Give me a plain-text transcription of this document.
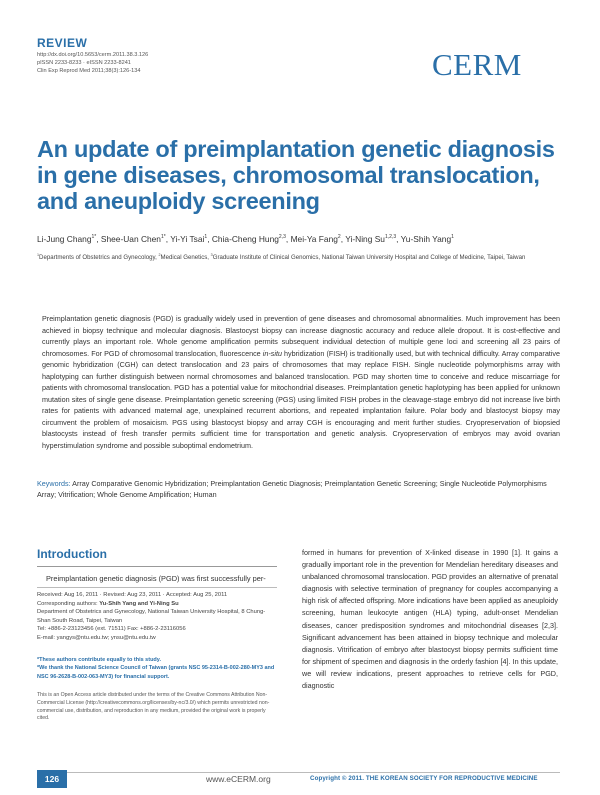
REVIEW
http://dx.doi.org/10.5653/cerm.2011.38.3.126
pISSN 2233-8233 · eISSN 2233-8241
Clin Exp Reprod Med 2011;38(3):126-134	CERM
An update of preimplantation genetic diagnosis in gene diseases, chromosomal translocation, and aneuploidy screening
Li-Jung Chang$^{1*}$, Shee-Uan Chen$^{1*}$, Yi-Yi Tsai$^1$, Chia-Cheng Hung$^{2,3}$, Mei-Ya Fang$^2$, Yi-Ning Su$^{1,2,3}$, Yu-Shih Yang$^1$
$^1$Departments of Obstetrics and Gynecology, $^2$Medical Genetics, $^3$Graduate Institute of Clinical Genomics, National Taiwan University Hospital and College of Medicine, Taipei, Taiwan
Preimplantation genetic diagnosis (PGD) is gradually widely used in prevention of gene diseases and chromosomal abnormalities. Much improvement has been achieved in biopsy technique and molecular diagnosis. Blastocyst biopsy can increase diagnostic accuracy and reduce allele dropout. It is cost-effective and currently plays an important role. Whole genome amplification permits subsequent individual detection of multiple gene loci and screening all 23 pairs of chromosomes. For PGD of chromosomal translocation, fluorescence in-situ hybridization (FISH) is traditionally used, but with technical difficulty. Array comparative genomic hybridization (CGH) can detect translocation and 23 pairs of chromosomes that may replace FISH. Single nucleotide polymorphisms array with haplotyping can further distinguish between normal chromosomes and balanced translocation. PGD may shorten time to conceive and reduce miscarriage for patients with chromosomal translocation. PGD has a potential value for mitochondrial diseases. Preimplantation genetic haplotyping has been applied for unknown mutation sites of single gene disease. Preimplantation genetic screening (PGS) using limited FISH probes in the cleavage-stage embryo did not increase live birth rates for patients with advanced maternal age, unexplained recurrent abortions, and repeated implantation failure. Polar body and blastocyst biopsy may circumvent the problem of mosaicism. PGS using blastocyst biopsy and array CGH is encouraging and merit further studies. Cryopreservation of biopsied blastocysts instead of fresh transfer permits sufficient time for transportation and genetic analysis. Cryopreservation of embryos may avoid ovarian hyperstimulation syndrome and possible suboptimal endometrium.
Keywords: Array Comparative Genomic Hybridization; Preimplantation Genetic Diagnosis; Preimplantation Genetic Screening; Single Nucleotide Polymorphisms Array; Vitrification; Whole Genome Amplification; Human
Introduction
Preimplantation genetic diagnosis (PGD) was first successfully per-
Received: Aug 16, 2011 · Revised: Aug 23, 2011 · Accepted: Aug 25, 2011
Corresponding authors: Yu-Shih Yang and Yi-Ning Su
Department of Obstetrics and Gynecology, National Taiwan University Hospital, 8 Chung-Shan South Road, Taipei, Taiwan
Tel: +886-2-23123456 (ext. 71511) Fax: +886-2-23116056
E-mail: yangys@ntu.edu.tw; ynsu@ntu.edu.tw
*These authors contribute equally to this study.
*We thank the National Science Council of Taiwan (grants NSC 95-2314-B-002-280-MY3 and NSC 96-2628-B-002-063-MY3) for financial support.
This is an Open Access article distributed under the terms of the Creative Commons Attribution Non-Commercial License (http://creativecommons.org/licenses/by-nc/3.0/) which permits unrestricted non-commercial use, distribution, and reproduction in any medium, provided the original work is properly cited.
formed in humans for prevention of X-linked disease in 1990 [1]. It gains a gradually important role in the prevention for Mendelian hereditary diseases and unbalanced chromosomal translocation. PGD provides an alternative of prenatal diagnosis with selective termination of pregnancy for couples accompanying a high risk of affected offspring. More indications have been applied as aneuploidy screening, human leukocyte antigen (HLA) typing, adult-onset Mendelian diseases, cancer predisposition syndromes and mitochondrial diseases [2,3]. Significant advancement has been attained in biopsy technique and molecular diagnosis. Vitrification of embryo after blastocyst biopsy permits sufficient time for shipment of specimen and diagnosis in the orderly fashion [4]. In this update, we will review indications, present approaches to retrieve cells for PGD, diagnostic
126	www.eCERM.org	Copyright © 2011. THE KOREAN SOCIETY FOR REPRODUCTIVE MEDICINE
